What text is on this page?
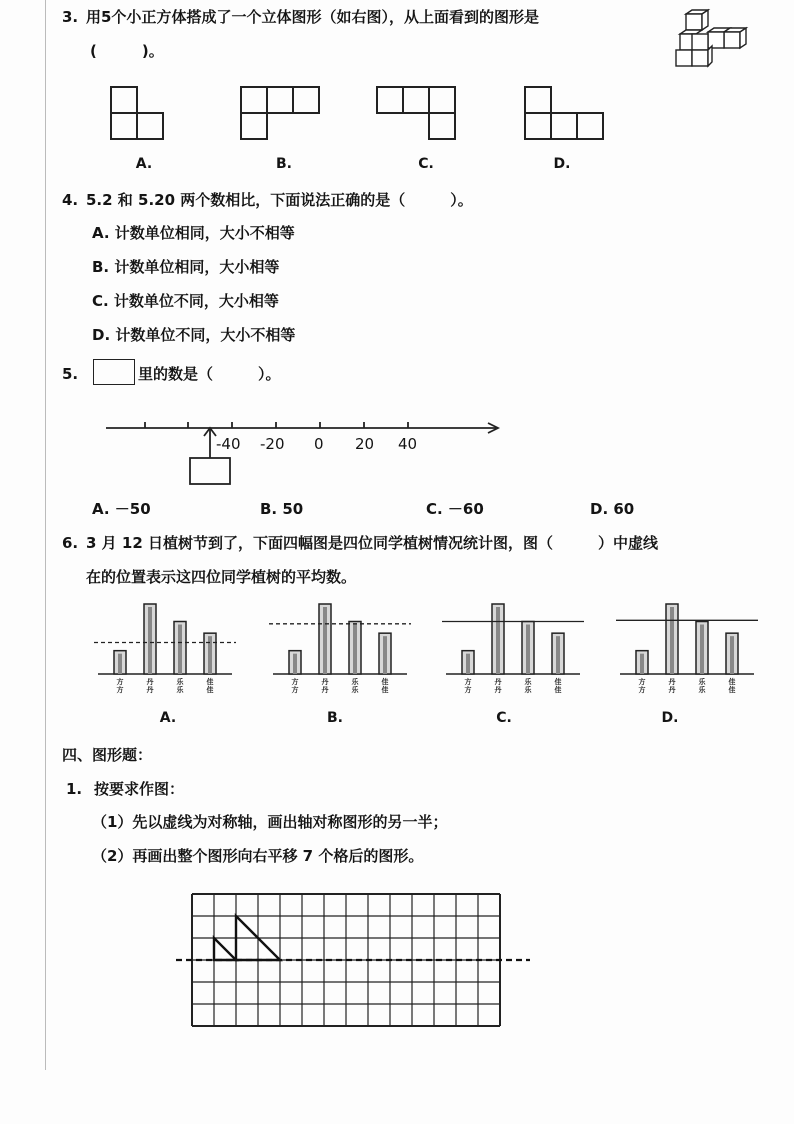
3. 用5个小正方体搭成了一个立体图形（如右图），从上面看到的图形是
(　　　)。
A.	B.	C.	D.
4. 5.2 和 5.20 两个数相比，下面说法正确的是（　　　）。
A. 计数单位相同，大小不相等
B. 计数单位相同，大小相等
C. 计数单位不同，大小相等
D. 计数单位不同，大小不相等
5.	里的数是（　　　）。
-40 -20 0 20 40
A. －50	B. 50	C. －60	D. 60
6. 3 月 12 日植树节到了，下面四幅图是四位同学植树情况统计图，图（　　　）中虚线
在的位置表示这四位同学植树的平均数。
方方
丹丹
乐乐
佳佳
方方
丹丹
乐乐
佳佳
方方
丹丹
乐乐
佳佳
方方
丹丹
乐乐
佳佳
A.	B.	C.	D.
四、图形题：
1. 按要求作图：
（1）先以虚线为对称轴，画出轴对称图形的另一半；
（2）再画出整个图形向右平移 7 个格后的图形。
